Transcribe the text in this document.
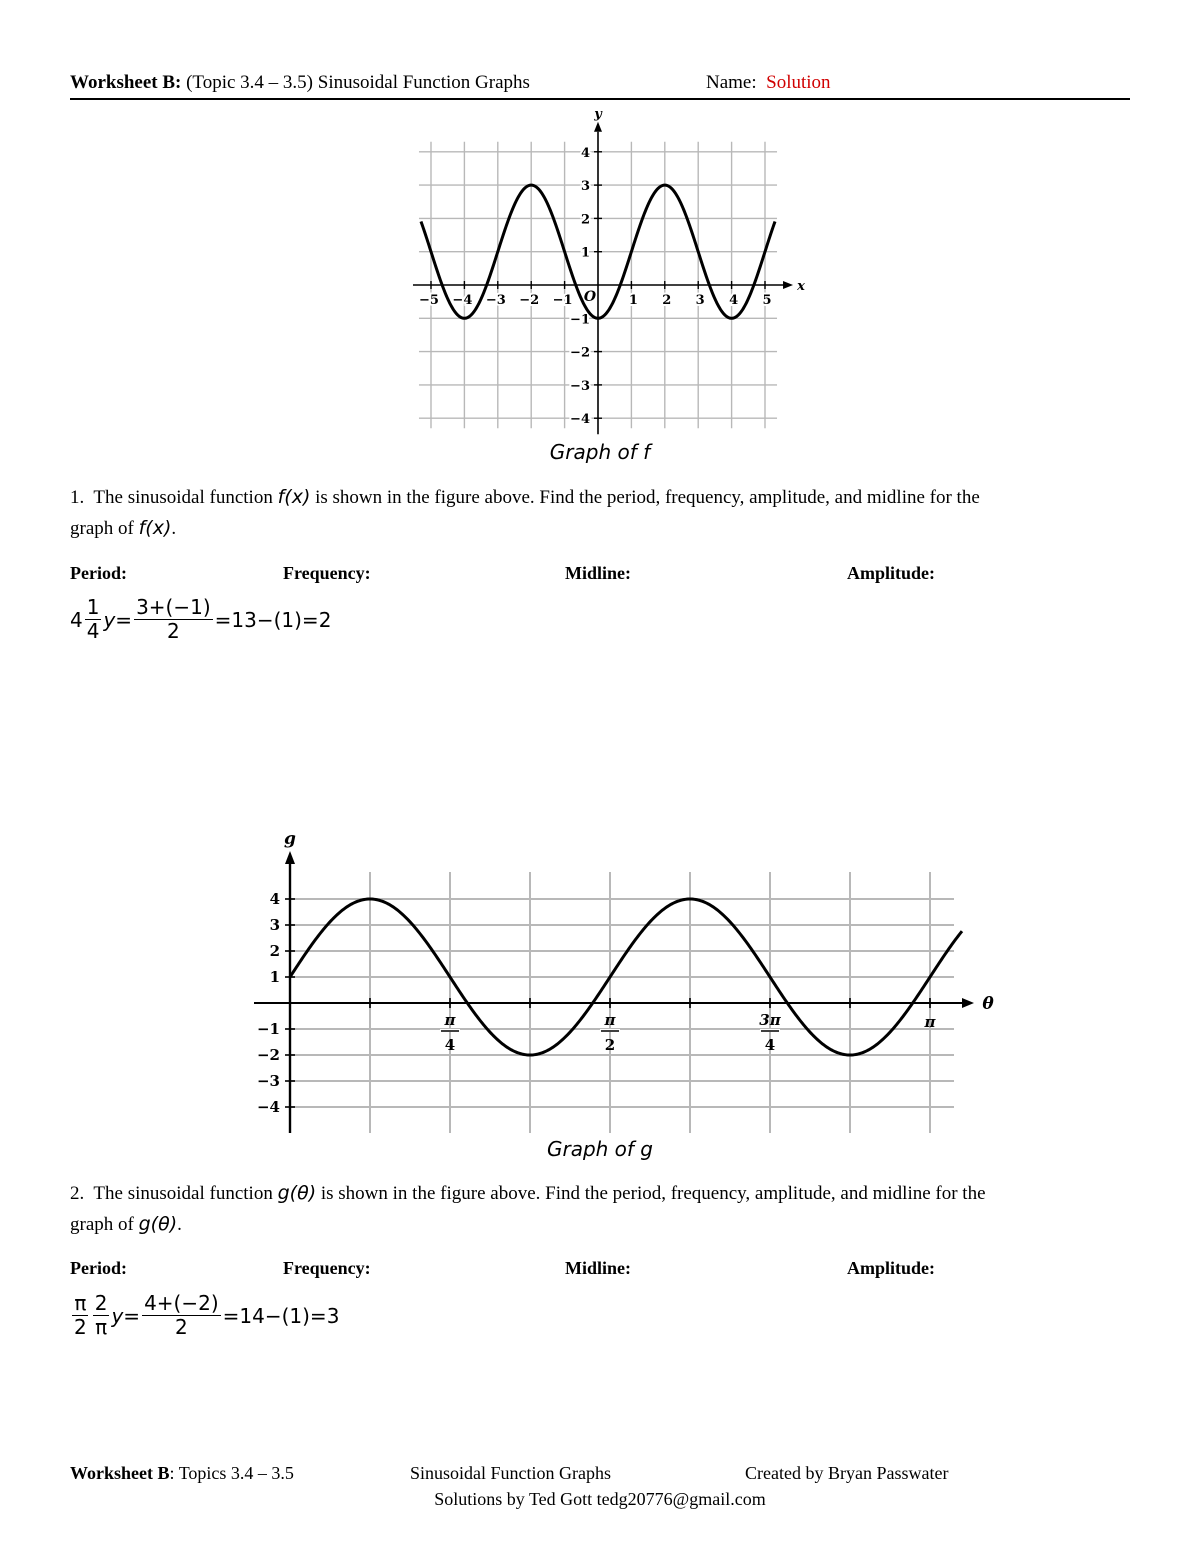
Worksheet B: (Topic 3.4 – 3.5) Sinusoidal Function Graphs	Name: Solution
−5 −4 −3 −2 −1	1 2 3 4 5
4
3
2
1
−1
−2
−3
−4
x
y
O
Graph of f
1. The sinusoidal function f(x) is shown in the figure above. Find the period, frequency, amplitude, and midline for the
graph of f(x).
Period:	Frequency:	Midline:	Amplitude:
$4 \frac{1}{4} y= \frac{3+(-1)}{2} =13-(1)=2$
4
3
2
1
−1
−2
−3
−4
π
4
π
2
3π
4
π
θ
g
Graph of g
2. The sinusoidal function g(θ) is shown in the figure above. Find the period, frequency, amplitude, and midline for the
graph of g(θ).
Period:	Frequency:	Midline:	Amplitude:
$\frac{\pi}{2} \frac{2}{\pi} y= \frac{4+(-2)}{2} =14-(1)=3$
Worksheet B: Topics 3.4 – 3.5	Sinusoidal Function Graphs	Created by Bryan Passwater
Solutions by Ted Gott tedg20776@gmail.com
